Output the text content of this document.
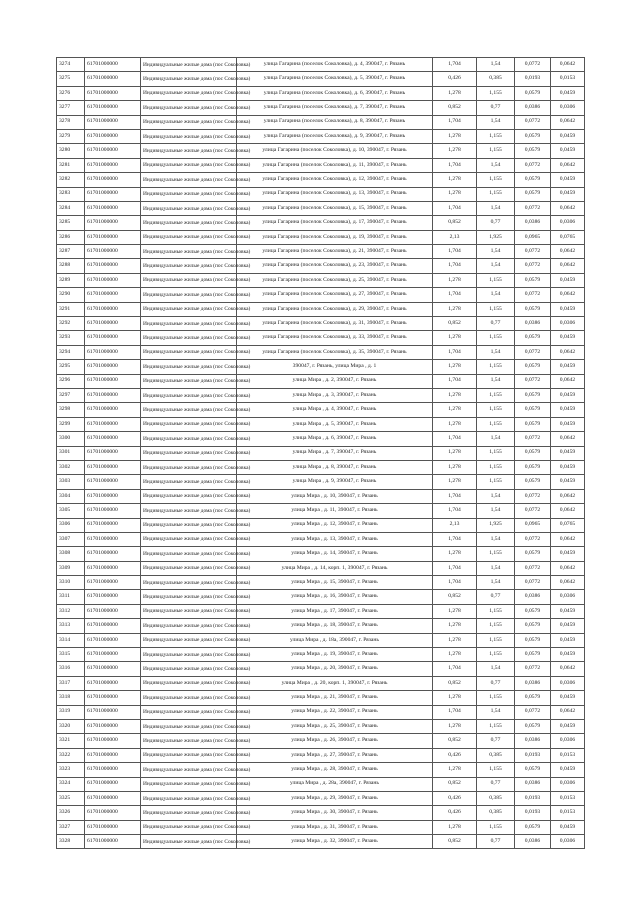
3274	61701000000	Индивидуальные жилые дома (пос Соколовка)	улица Гагарина (поселок Соколовка), д. 4, 390047, г. Рязань	1,704	1,54	0,0772	0,0642
3275	61701000000	Индивидуальные жилые дома (пос Соколовка)	улица Гагарина (поселок Соколовка), д. 5, 390047, г. Рязань	0,426	0,385	0,0193	0,0153
3276	61701000000	Индивидуальные жилые дома (пос Соколовка)	улица Гагарина (поселок Соколовка), д. 6, 390047, г. Рязань	1,278	1,155	0,0579	0,0459
3277	61701000000	Индивидуальные жилые дома (пос Соколовка)	улица Гагарина (поселок Соколовка), д. 7, 390047, г. Рязань	0,852	0,77	0,0386	0,0306
3278	61701000000	Индивидуальные жилые дома (пос Соколовка)	улица Гагарина (поселок Соколовка), д. 8, 390047, г. Рязань	1,704	1,54	0,0772	0,0642
3279	61701000000	Индивидуальные жилые дома (пос Соколовка)	улица Гагарина (поселок Соколовка), д. 9, 390047, г. Рязань	1,278	1,155	0,0579	0,0459
3280	61701000000	Индивидуальные жилые дома (пос Соколовка)	улица Гагарина (поселок Соколовка), д. 10, 390047, г. Рязань	1,278	1,155	0,0579	0,0459
3281	61701000000	Индивидуальные жилые дома (пос Соколовка)	улица Гагарина (поселок Соколовка), д. 11, 390047, г. Рязань	1,704	1,54	0,0772	0,0642
3282	61701000000	Индивидуальные жилые дома (пос Соколовка)	улица Гагарина (поселок Соколовка), д. 12, 390047, г. Рязань	1,278	1,155	0,0579	0,0459
3283	61701000000	Индивидуальные жилые дома (пос Соколовка)	улица Гагарина (поселок Соколовка), д. 13, 390047, г. Рязань	1,278	1,155	0,0579	0,0459
3284	61701000000	Индивидуальные жилые дома (пос Соколовка)	улица Гагарина (поселок Соколовка), д. 15, 390047, г. Рязань	1,704	1,54	0,0772	0,0642
3285	61701000000	Индивидуальные жилые дома (пос Соколовка)	улица Гагарина (поселок Соколовка), д. 17, 390047, г. Рязань	0,852	0,77	0,0386	0,0306
3286	61701000000	Индивидуальные жилые дома (пос Соколовка)	улица Гагарина (поселок Соколовка), д. 19, 390047, г. Рязань	2,13	1,925	0,0965	0,0765
3287	61701000000	Индивидуальные жилые дома (пос Соколовка)	улица Гагарина (поселок Соколовка), д. 21, 390047, г. Рязань	1,704	1,54	0,0772	0,0642
3288	61701000000	Индивидуальные жилые дома (пос Соколовка)	улица Гагарина (поселок Соколовка), д. 23, 390047, г. Рязань	1,704	1,54	0,0772	0,0642
3289	61701000000	Индивидуальные жилые дома (пос Соколовка)	улица Гагарина (поселок Соколовка), д. 25, 390047, г. Рязань	1,278	1,155	0,0579	0,0459
3290	61701000000	Индивидуальные жилые дома (пос Соколовка)	улица Гагарина (поселок Соколовка), д. 27, 390047, г. Рязань	1,704	1,54	0,0772	0,0642
3291	61701000000	Индивидуальные жилые дома (пос Соколовка)	улица Гагарина (поселок Соколовка), д. 29, 390047, г. Рязань	1,278	1,155	0,0579	0,0459
3292	61701000000	Индивидуальные жилые дома (пос Соколовка)	улица Гагарина (поселок Соколовка), д. 31, 390047, г. Рязань	0,852	0,77	0,0386	0,0306
3293	61701000000	Индивидуальные жилые дома (пос Соколовка)	улица Гагарина (поселок Соколовка), д. 33, 390047, г. Рязань	1,278	1,155	0,0579	0,0459
3294	61701000000	Индивидуальные жилые дома (пос Соколовка)	улица Гагарина (поселок Соколовка), д. 35, 390047, г. Рязань	1,704	1,54	0,0772	0,0642
3295	61701000000	Индивидуальные жилые дома (пос Соколовка)	390047, г. Рязань, улица Мира , д. 1	1,278	1,155	0,0579	0,0459
3296	61701000000	Индивидуальные жилые дома (пос Соколовка)	улица Мира , д. 2, 390047, г. Рязань	1,704	1,54	0,0772	0,0642
3297	61701000000	Индивидуальные жилые дома (пос Соколовка)	улица Мира , д. 3, 390047, г. Рязань	1,278	1,155	0,0579	0,0459
3298	61701000000	Индивидуальные жилые дома (пос Соколовка)	улица Мира , д. 4, 390047, г. Рязань	1,278	1,155	0,0579	0,0459
3299	61701000000	Индивидуальные жилые дома (пос Соколовка)	улица Мира , д. 5, 390047, г. Рязань	1,278	1,155	0,0579	0,0459
3300	61701000000	Индивидуальные жилые дома (пос Соколовка)	улица Мира , д. 6, 390047, г. Рязань	1,704	1,54	0,0772	0,0642
3301	61701000000	Индивидуальные жилые дома (пос Соколовка)	улица Мира , д. 7, 390047, г. Рязань	1,278	1,155	0,0579	0,0459
3302	61701000000	Индивидуальные жилые дома (пос Соколовка)	улица Мира , д. 8, 390047, г. Рязань	1,278	1,155	0,0579	0,0459
3303	61701000000	Индивидуальные жилые дома (пос Соколовка)	улица Мира , д. 9, 390047, г. Рязань	1,278	1,155	0,0579	0,0459
3304	61701000000	Индивидуальные жилые дома (пос Соколовка)	улица Мира , д. 10, 390047, г. Рязань	1,704	1,54	0,0772	0,0642
3305	61701000000	Индивидуальные жилые дома (пос Соколовка)	улица Мира , д. 11, 390047, г. Рязань	1,704	1,54	0,0772	0,0642
3306	61701000000	Индивидуальные жилые дома (пос Соколовка)	улица Мира , д. 12, 390047, г. Рязань	2,13	1,925	0,0965	0,0765
3307	61701000000	Индивидуальные жилые дома (пос Соколовка)	улица Мира , д. 13, 390047, г. Рязань	1,704	1,54	0,0772	0,0642
3308	61701000000	Индивидуальные жилые дома (пос Соколовка)	улица Мира , д. 14, 390047, г. Рязань	1,278	1,155	0,0579	0,0459
3309	61701000000	Индивидуальные жилые дома (пос Соколовка)	улица Мира , д. 14, корп. 1, 390047, г. Рязань	1,704	1,54	0,0772	0,0642
3310	61701000000	Индивидуальные жилые дома (пос Соколовка)	улица Мира , д. 15, 390047, г. Рязань	1,704	1,54	0,0772	0,0642
3311	61701000000	Индивидуальные жилые дома (пос Соколовка)	улица Мира , д. 16, 390047, г. Рязань	0,852	0,77	0,0386	0,0306
3312	61701000000	Индивидуальные жилые дома (пос Соколовка)	улица Мира , д. 17, 390047, г. Рязань	1,278	1,155	0,0579	0,0459
3313	61701000000	Индивидуальные жилые дома (пос Соколовка)	улица Мира , д. 18, 390047, г. Рязань	1,278	1,155	0,0579	0,0459
3314	61701000000	Индивидуальные жилые дома (пос Соколовка)	улица Мира , д. 18а, 390047, г. Рязань	1,278	1,155	0,0579	0,0459
3315	61701000000	Индивидуальные жилые дома (пос Соколовка)	улица Мира , д. 19, 390047, г. Рязань	1,278	1,155	0,0579	0,0459
3316	61701000000	Индивидуальные жилые дома (пос Соколовка)	улица Мира , д. 20, 390047, г. Рязань	1,704	1,54	0,0772	0,0642
3317	61701000000	Индивидуальные жилые дома (пос Соколовка)	улица Мира , д. 20, корп. 1, 390047, г. Рязань	0,852	0,77	0,0386	0,0306
3318	61701000000	Индивидуальные жилые дома (пос Соколовка)	улица Мира , д. 21, 390047, г. Рязань	1,278	1,155	0,0579	0,0459
3319	61701000000	Индивидуальные жилые дома (пос Соколовка)	улица Мира , д. 22, 390047, г. Рязань	1,704	1,54	0,0772	0,0642
3320	61701000000	Индивидуальные жилые дома (пос Соколовка)	улица Мира , д. 25, 390047, г. Рязань	1,278	1,155	0,0579	0,0459
3321	61701000000	Индивидуальные жилые дома (пос Соколовка)	улица Мира , д. 26, 390047, г. Рязань	0,852	0,77	0,0386	0,0306
3322	61701000000	Индивидуальные жилые дома (пос Соколовка)	улица Мира , д. 27, 390047, г. Рязань	0,426	0,385	0,0193	0,0153
3323	61701000000	Индивидуальные жилые дома (пос Соколовка)	улица Мира , д. 28, 390047, г. Рязань	1,278	1,155	0,0579	0,0459
3324	61701000000	Индивидуальные жилые дома (пос Соколовка)	улица Мира , д. 28а, 390047, г. Рязань	0,852	0,77	0,0386	0,0306
3325	61701000000	Индивидуальные жилые дома (пос Соколовка)	улица Мира , д. 29, 390047, г. Рязань	0,426	0,385	0,0193	0,0153
3326	61701000000	Индивидуальные жилые дома (пос Соколовка)	улица Мира , д. 30, 390047, г. Рязань	0,426	0,385	0,0193	0,0153
3327	61701000000	Индивидуальные жилые дома (пос Соколовка)	улица Мира , д. 31, 390047, г. Рязань	1,278	1,155	0,0579	0,0459
3328	61701000000	Индивидуальные жилые дома (пос Соколовка)	улица Мира , д. 32, 390047, г. Рязань	0,852	0,77	0,0386	0,0306
